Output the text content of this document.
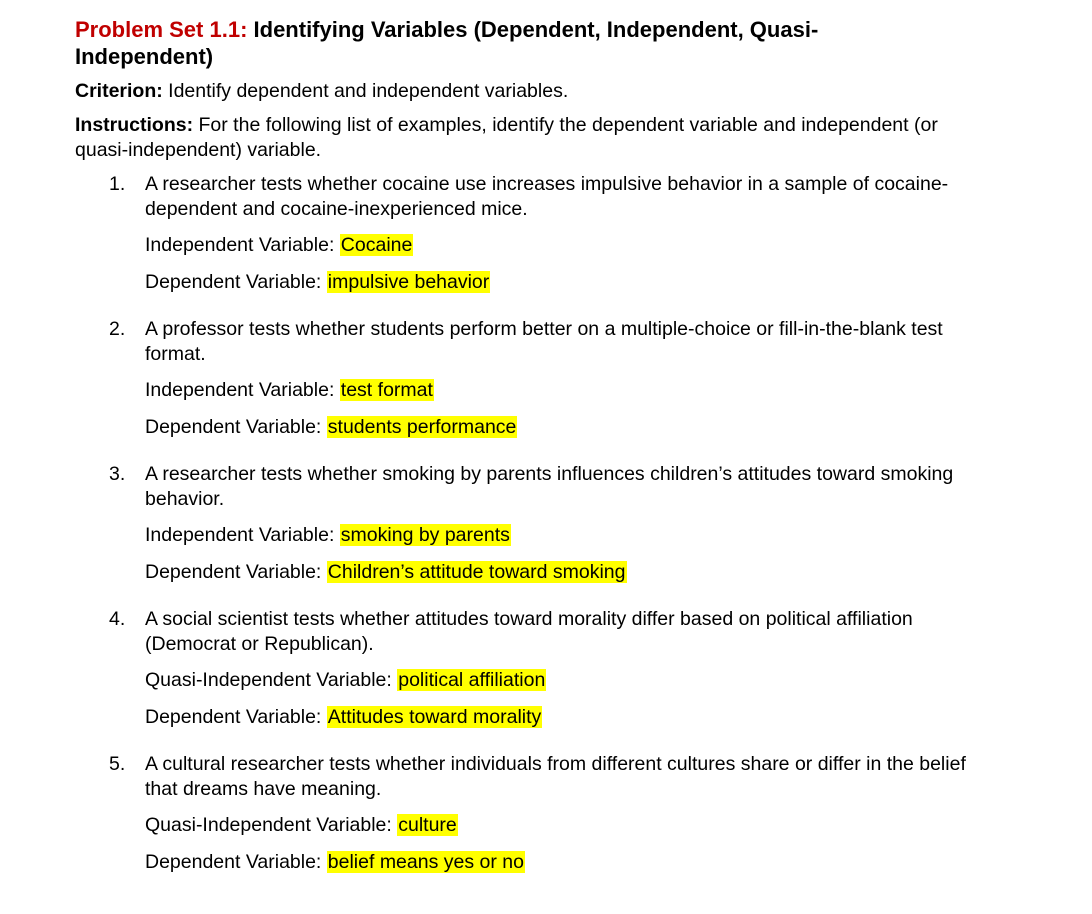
Problem Set 1.1: Identifying Variables (Dependent, Independent, Quasi-Independent)
Criterion: Identify dependent and independent variables.
Instructions: For the following list of examples, identify the dependent variable and independent (or quasi-independent) variable.
1. A researcher tests whether cocaine use increases impulsive behavior in a sample of cocaine-dependent and cocaine-inexperienced mice.
Independent Variable: Cocaine
Dependent Variable: impulsive behavior
2. A professor tests whether students perform better on a multiple-choice or fill-in-the-blank test format.
Independent Variable: test format
Dependent Variable: students performance
3. A researcher tests whether smoking by parents influences children’s attitudes toward smoking behavior.
Independent Variable: smoking by parents
Dependent Variable: Children’s attitude toward smoking
4. A social scientist tests whether attitudes toward morality differ based on political affiliation (Democrat or Republican).
Quasi-Independent Variable: political affiliation
Dependent Variable: Attitudes toward morality
5. A cultural researcher tests whether individuals from different cultures share or differ in the belief that dreams have meaning.
Quasi-Independent Variable: culture
Dependent Variable: belief means yes or no
